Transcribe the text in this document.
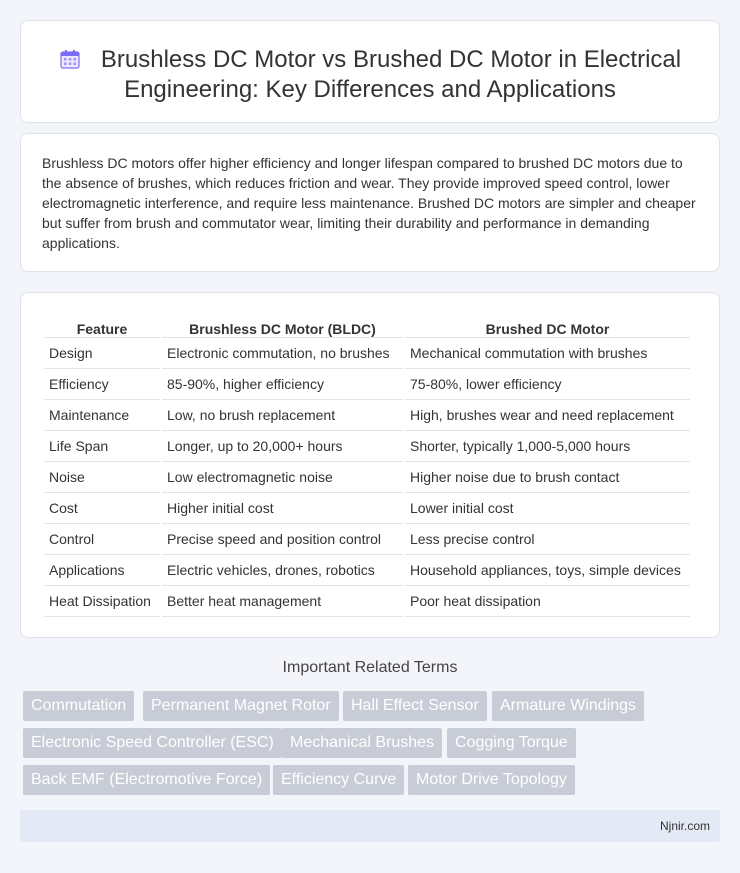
Brushless DC Motor vs Brushed DC Motor in Electrical
Engineering: Key Differences and Applications

Brushless DC motors offer higher efficiency and longer lifespan compared to brushed DC motors due to the absence of brushes, which reduces friction and wear. They provide improved speed control, lower electromagnetic interference, and require less maintenance. Brushed DC motors are simpler and cheaper but suffer from brush and commutator wear, limiting their durability and performance in demanding applications.

Feature	Brushless DC Motor (BLDC)	Brushed DC Motor
Design	Electronic commutation, no brushes	Mechanical commutation with brushes
Efficiency	85-90%, higher efficiency	75-80%, lower efficiency
Maintenance	Low, no brush replacement	High, brushes wear and need replacement
Life Span	Longer, up to 20,000+ hours	Shorter, typically 1,000-5,000 hours
Noise	Low electromagnetic noise	Higher noise due to brush contact
Cost	Higher initial cost	Lower initial cost
Control	Precise speed and position control	Less precise control
Applications	Electric vehicles, drones, robotics	Household appliances, toys, simple devices
Heat Dissipation	Better heat management	Poor heat dissipation
Important Related Terms
Commutation	Permanent Magnet Rotor	Hall Effect Sensor	Armature Windings
Electronic Speed Controller (ESC)	Mechanical Brushes	Cogging Torque
Back EMF (Electromotive Force)	Efficiency Curve	Motor Drive Topology
Njnir.com
